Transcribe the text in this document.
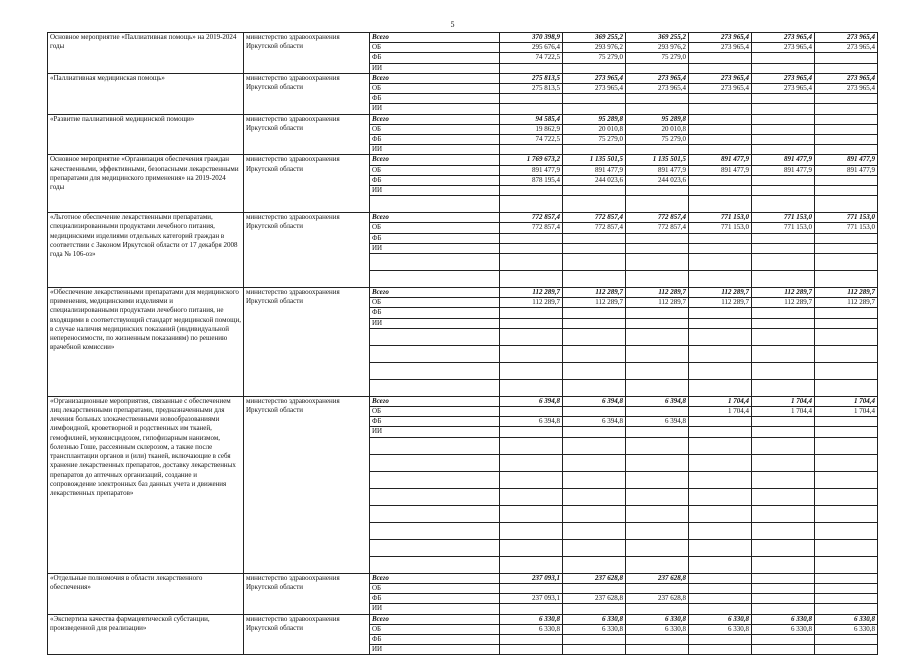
5
Основное мероприятие «Паллиативная помощь» на 2019-2024 годы	министерство здравоохранения Иркутской области	Всего	370 398,9	369 255,2	369 255,2	273 965,4	273 965,4	273 965,4
		ОБ	295 676,4	293 976,2	293 976,2	273 965,4	273 965,4	273 965,4
		ФБ	74 722,5	75 279,0	75 279,0			
		ИИ						
«Паллиативная медицинская помощь»	министерство здравоохранения Иркутской области	Всего	275 813,5	273 965,4	273 965,4	273 965,4	273 965,4	273 965,4
		ОБ	275 813,5	273 965,4	273 965,4	273 965,4	273 965,4	273 965,4
		ФБ						
		ИИ						
«Развитие паллиативной медицинской помощи»	министерство здравоохранения Иркутской области	Всего	94 585,4	95 289,8	95 289,8			
		ОБ	19 862,9	20 010,8	20 010,8			
		ФБ	74 722,5	75 279,0	75 279,0			
		ИИ						
Основное мероприятие «Организация обеспечения граждан качественными, эффективными, безопасными лекарственными препаратами для медицинского применения» на 2019-2024 годы	министерство здравоохранения Иркутской области	Всего	1 769 673,2	1 135 501,5	1 135 501,5	891 477,9	891 477,9	891 477,9
		ОБ	891 477,9	891 477,9	891 477,9	891 477,9	891 477,9	891 477,9
		ФБ	878 195,4	244 023,6	244 023,6			
		ИИ						

«Льготное обеспечение лекарственными препаратами, специализированными продуктами лечебного питания, медицинскими изделиями отдельных категорий граждан в соответствии с Законом Иркутской области от 17 декабря 2008 года № 106-оз»	министерство здравоохранения Иркутской области	Всего	772 857,4	772 857,4	772 857,4	771 153,0	771 153,0	771 153,0
		ОБ	772 857,4	772 857,4	772 857,4	771 153,0	771 153,0	771 153,0
		ФБ						
		ИИ						

«Обеспечение лекарственными препаратами для медицинского применения, медицинскими изделиями и специализированными продуктами лечебного питания, не входящими в соответствующий стандарт медицинской помощи, в случае наличия медицинских показаний (индивидуальной непереносимости, по жизненным показаниям) по решению врачебной комиссии»	министерство здравоохранения Иркутской области	Всего	112 289,7	112 289,7	112 289,7	112 289,7	112 289,7	112 289,7
		ОБ	112 289,7	112 289,7	112 289,7	112 289,7	112 289,7	112 289,7
		ФБ						
		ИИ						

«Организационные мероприятия, связанные с обеспечением лиц лекарственными препаратами, предназначенными для лечения больных злокачественными новообразованиями лимфоидной, кроветворной и родственных им тканей, гемофилией, муковисцидозом, гипофизарным нанизмом, болезнью Гоше, рассеянным склерозом, а также после трансплантации органов и (или) тканей, включающие в себя хранение лекарственных препаратов, доставку лекарственных препаратов до аптечных организаций, создание и сопровождение электронных баз данных учета и движения лекарственных препаратов»	министерство здравоохранения Иркутской области	Всего	6 394,8	6 394,8	6 394,8	1 704,4	1 704,4	1 704,4
		ОБ				1 704,4	1 704,4	1 704,4
		ФБ	6 394,8	6 394,8	6 394,8			
		ИИ						

«Отдельные полномочия в области лекарственного обеспечения»	министерство здравоохранения Иркутской области	Всего	237 093,1	237 628,8	237 628,8			
		ОБ						
		ФБ	237 093,1	237 628,8	237 628,8			
		ИИ						
«Экспертиза качества фармацевтической субстанции, произведенной для реализации»	министерство здравоохранения Иркутской области	Всего	6 330,8	6 330,8	6 330,8	6 330,8	6 330,8	6 330,8
		ОБ	6 330,8	6 330,8	6 330,8	6 330,8	6 330,8	6 330,8
		ФБ						
		ИИ						
